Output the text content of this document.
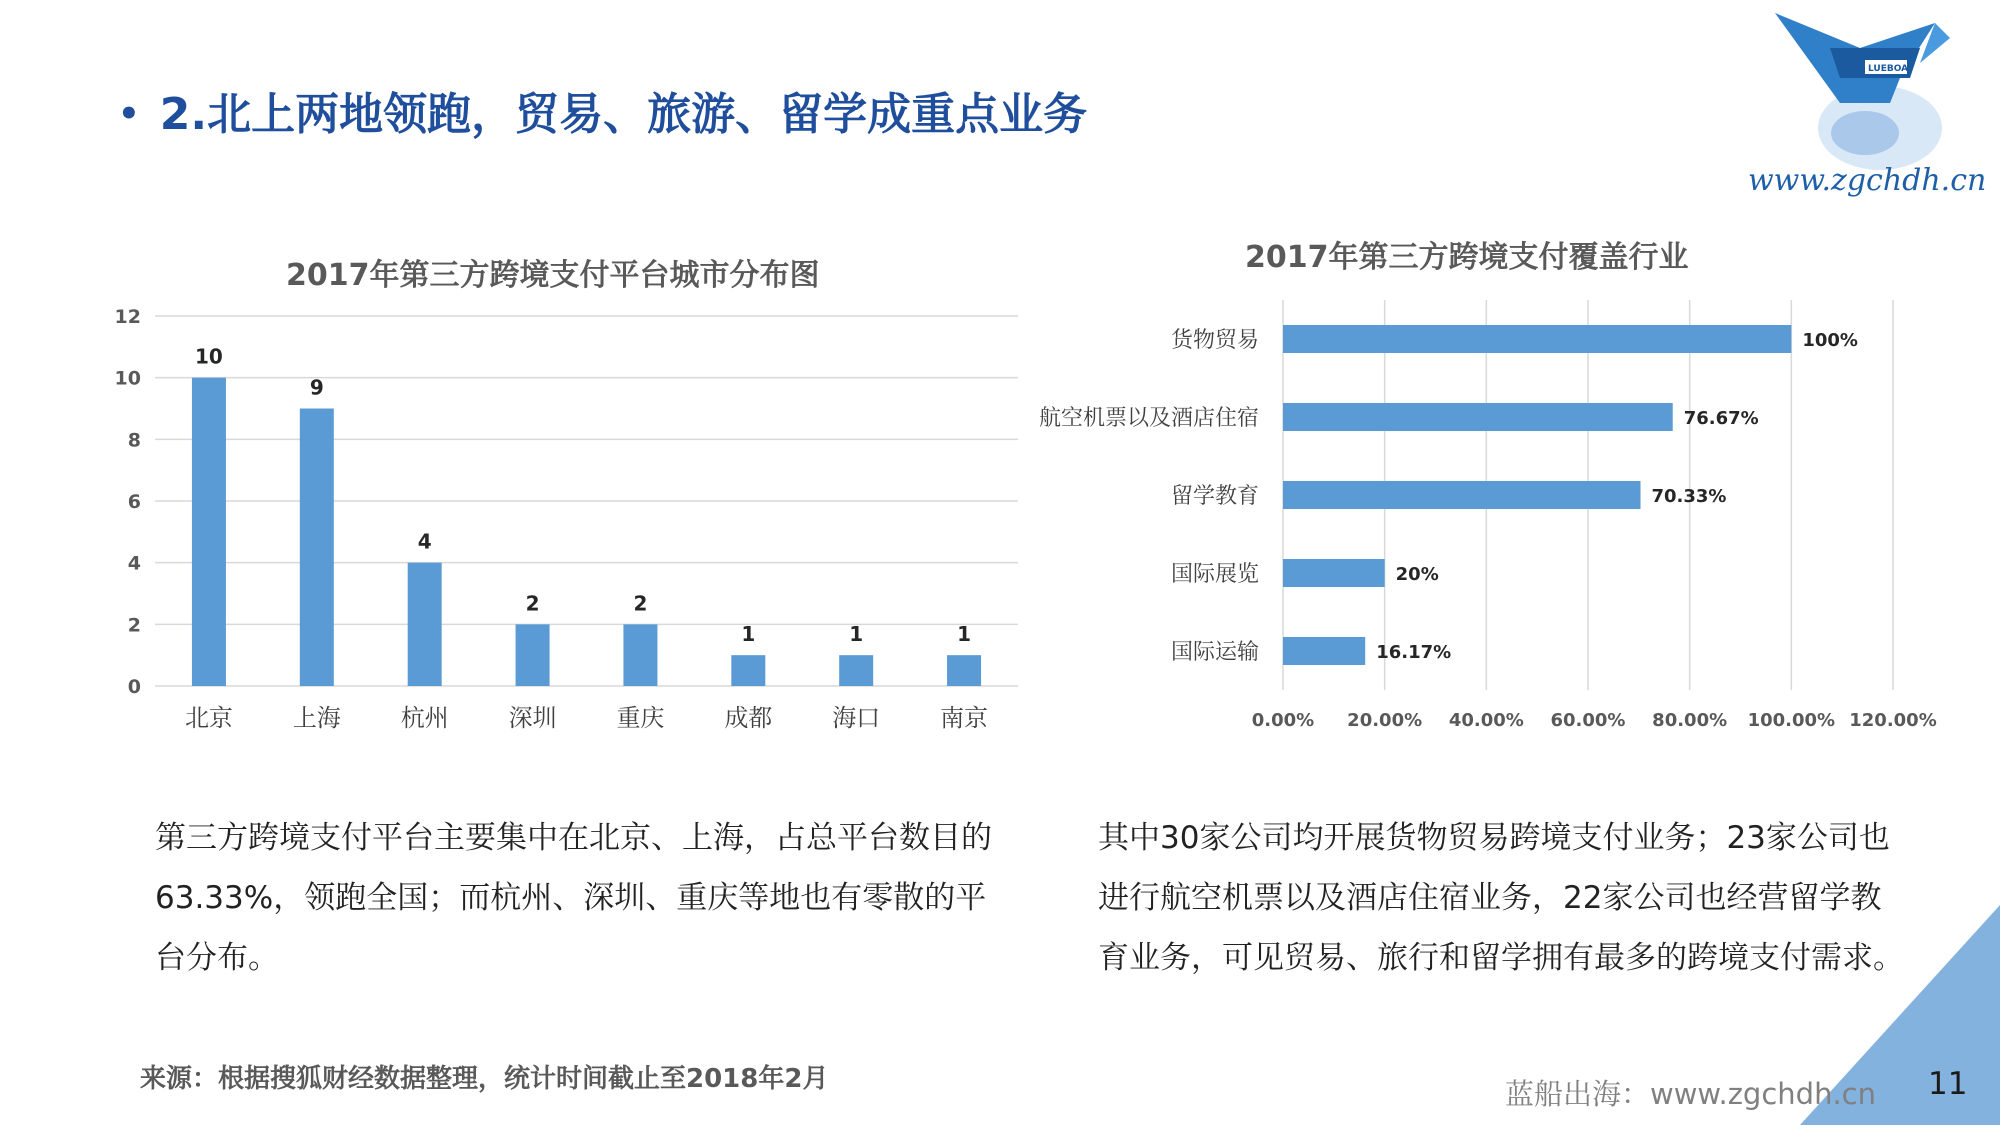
• 2.北上两地领跑，贸易、旅游、留学成重点业务
LUEBOAT
www.zgchdh.cn
2017年第三方跨境支付平台城市分布图
2017年第三方跨境支付覆盖行业
0
2
4
6
8
10
12
10
北京
9
上海
4
杭州
2
深圳
2
重庆
1
成都
1
海口
1
南京	0.00% 20.00% 40.00% 60.00% 80.00% 100.00% 120.00%
100%
货物贸易
76.67%
航空机票以及酒店住宿
70.33%
留学教育
20%
国际展览
16.17%
国际运输
第三方跨境支付平台主要集中在北京、上海，占总平台数目的63.33%，领跑全国；而杭州、深圳、重庆等地也有零散的平台分布。
其中30家公司均开展货物贸易跨境支付业务；23家公司也进行航空机票以及酒店住宿业务，22家公司也经营留学教育业务，可见贸易、旅行和留学拥有最多的跨境支付需求。
来源：根据搜狐财经数据整理，统计时间截止至2018年2月	蓝船出海：www.zgchdh.cn 11
